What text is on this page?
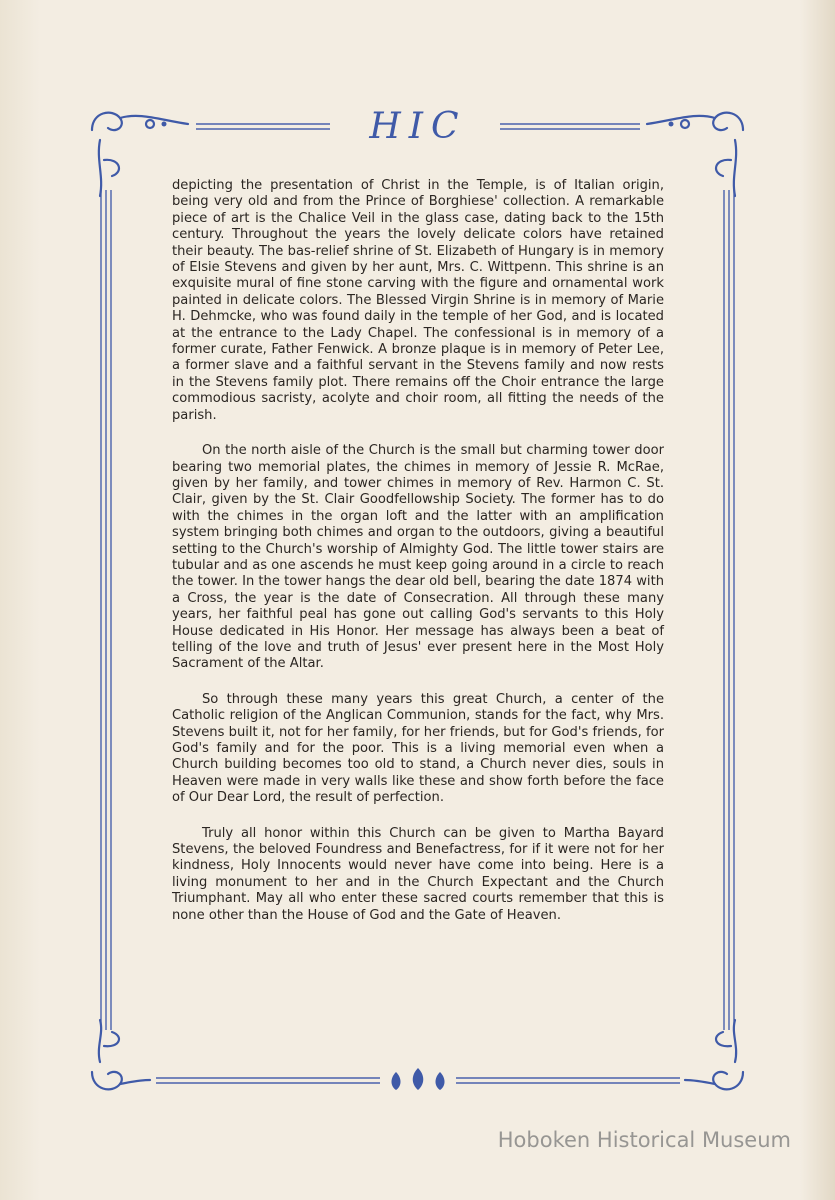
HIC

depicting the presentation of Christ in the Temple, is of Italian origin, being very old and from the Prince of Borghiese' collection. A remarkable piece of art is the Chalice Veil in the glass case, dating back to the 15th century. Throughout the years the lovely delicate colors have retained their beauty. The bas-relief shrine of St. Elizabeth of Hungary is in memory of Elsie Stevens and given by her aunt, Mrs. C. Wittpenn. This shrine is an exquisite mural of fine stone carving with the figure and ornamental work painted in delicate colors. The Blessed Virgin Shrine is in memory of Marie H. Dehmcke, who was found daily in the temple of her God, and is located at the entrance to the Lady Chapel. The confessional is in memory of a former curate, Father Fenwick. A bronze plaque is in memory of Peter Lee, a former slave and a faithful servant in the Stevens family and now rests in the Stevens family plot. There remains off the Choir entrance the large commodious sacristy, acolyte and choir room, all fitting the needs of the parish.

On the north aisle of the Church is the small but charming tower door bearing two memorial plates, the chimes in memory of Jessie R. McRae, given by her family, and tower chimes in memory of Rev. Harmon C. St. Clair, given by the St. Clair Goodfellowship Society. The former has to do with the chimes in the organ loft and the latter with an amplification system bringing both chimes and organ to the outdoors, giving a beautiful setting to the Church's worship of Almighty God. The little tower stairs are tubular and as one ascends he must keep going around in a circle to reach the tower. In the tower hangs the dear old bell, bearing the date 1874 with a Cross, the year is the date of Consecration. All through these many years, her faithful peal has gone out calling God's servants to this Holy House dedicated in His Honor. Her message has always been a beat of telling of the love and truth of Jesus' ever present here in the Most Holy Sacrament of the Altar.

So through these many years this great Church, a center of the Catholic religion of the Anglican Communion, stands for the fact, why Mrs. Stevens built it, not for her family, for her friends, but for God's friends, for God's family and for the poor. This is a living memorial even when a Church building becomes too old to stand, a Church never dies, souls in Heaven were made in very walls like these and show forth before the face of Our Dear Lord, the result of perfection.

Truly all honor within this Church can be given to Martha Bayard Stevens, the beloved Foundress and Benefactress, for if it were not for her kindness, Holy Innocents would never have come into being. Here is a living monument to her and in the Church Expectant and the Church Triumphant. May all who enter these sacred courts remember that this is none other than the House of God and the Gate of Heaven.

Hoboken Historical Museum
